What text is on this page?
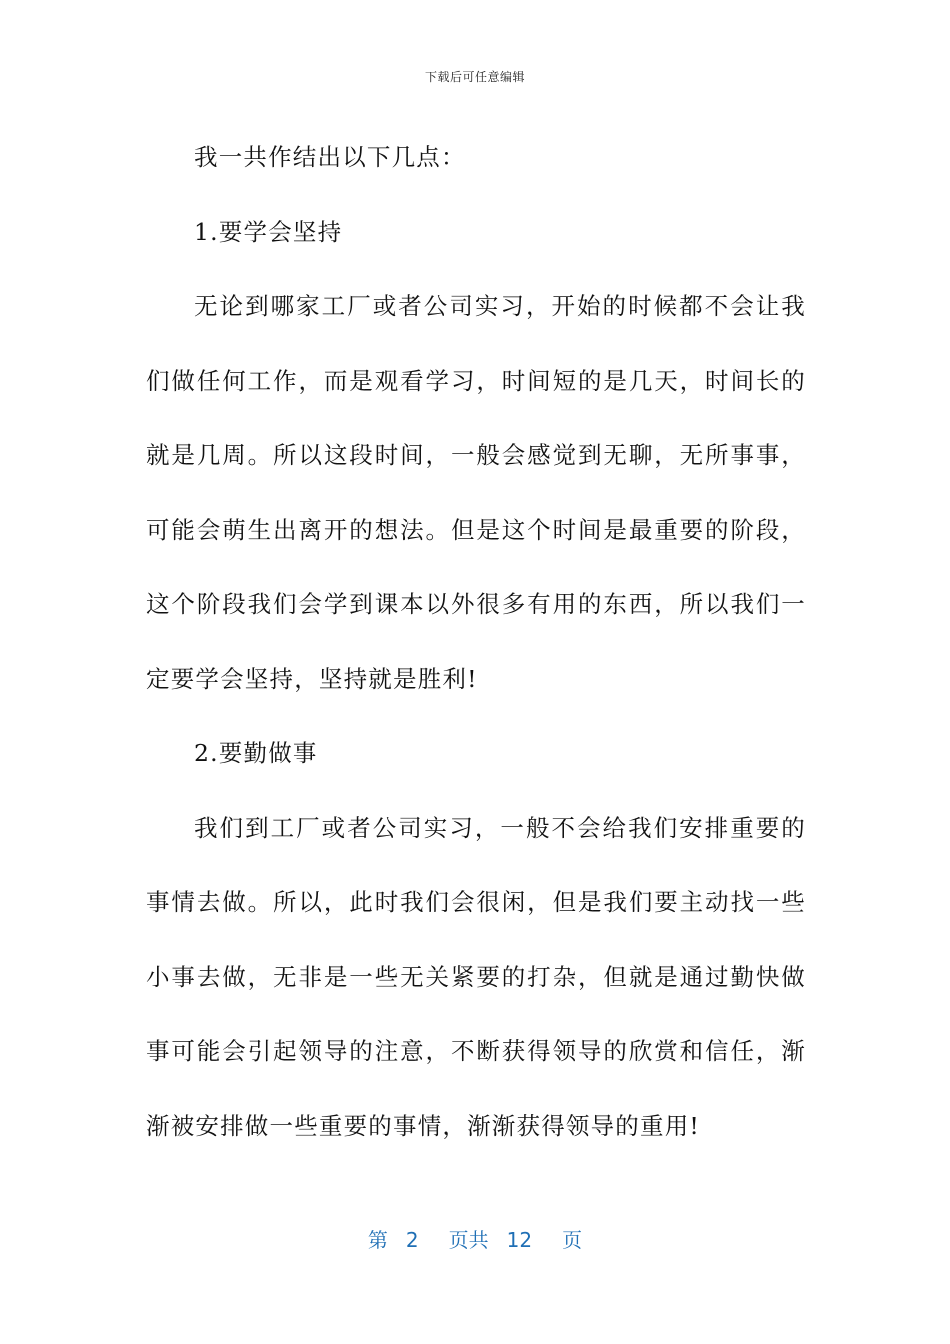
下载后可任意编辑

我一共作结出以下几点：

1.要学会坚持

无论到哪家工厂或者公司实习，开始的时候都不会让我们做任何工作，而是观看学习，时间短的是几天，时间长的就是几周。所以这段时间，一般会感觉到无聊，无所事事，可能会萌生出离开的想法。但是这个时间是最重要的阶段，这个阶段我们会学到课本以外很多有用的东西，所以我们一定要学会坚持，坚持就是胜利!

2.要勤做事

我们到工厂或者公司实习，一般不会给我们安排重要的事情去做。所以，此时我们会很闲，但是我们要主动找一些小事去做，无非是一些无关紧要的打杂，但就是通过勤快做事可能会引起领导的注意，不断获得领导的欣赏和信任，渐渐被安排做一些重要的事情，渐渐获得领导的重用!

第 2 页共 12 页
